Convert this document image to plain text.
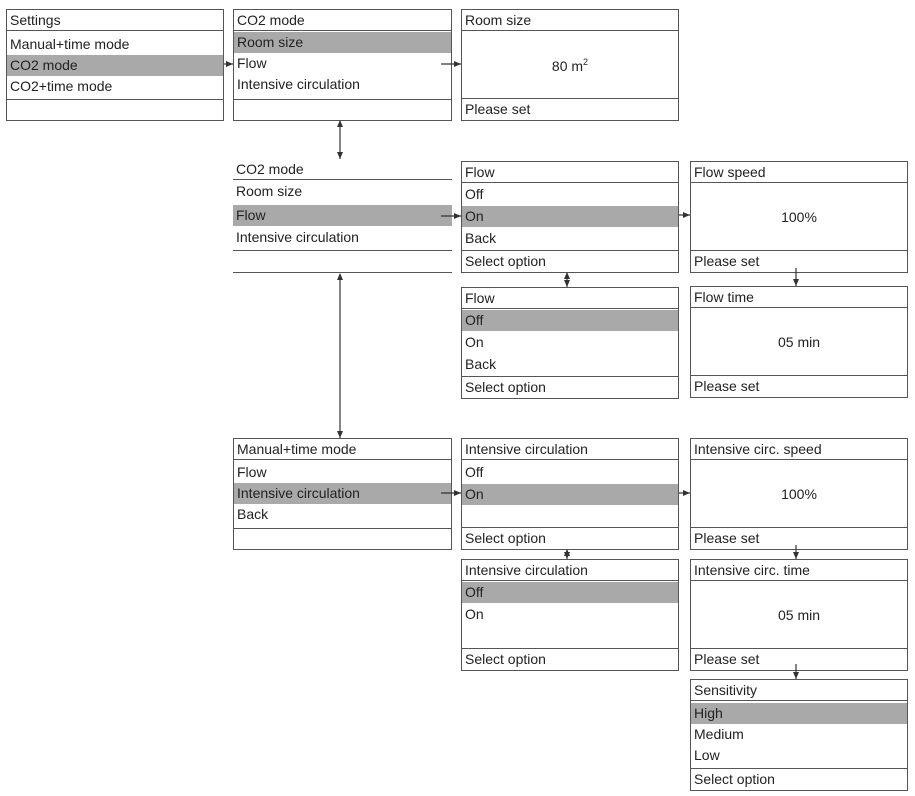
Settings
Manual+time mode
CO2 mode
CO2+time mode
CO2 mode
Room size
Flow
Intensive circulation
Room size
80 $m^2$
Please set
CO2 mode
Room size
Flow
Intensive circulation
Flow
Off
On
Back
Select option
Flow speed
100%
Please set
Flow
Off
On
Back
Select option
Flow time
05 min
Please set
Manual+time mode
Flow
Intensive circulation
Back
Intensive circulation
Off
On
Select option
Intensive circ. speed
100%
Please set
Intensive circulation
Off
On
Select option
Intensive circ. time
05 min
Please set
Sensitivity
High
Medium
Low
Select option
